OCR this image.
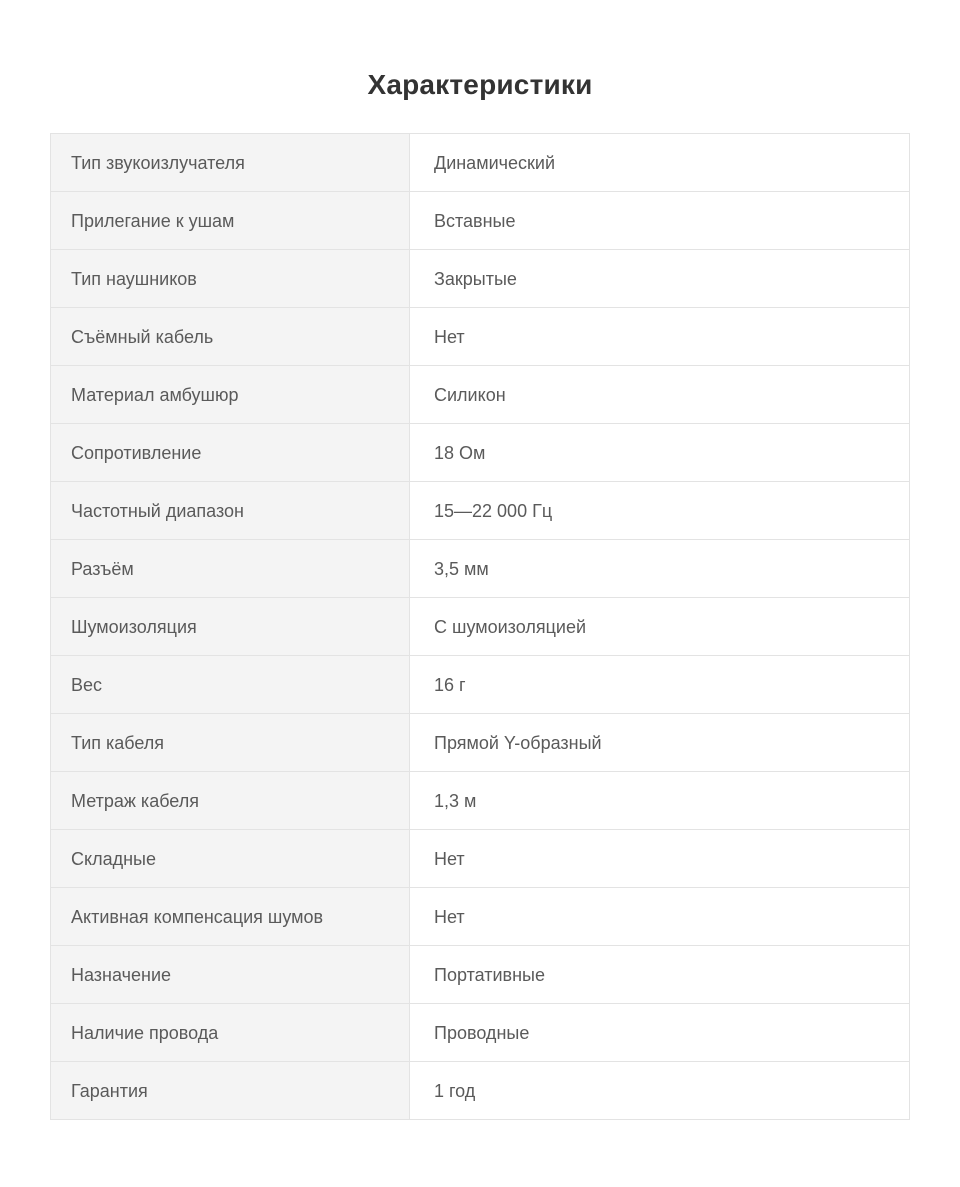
Характеристики
Тип звукоизлучателя	Динамический
Прилегание к ушам	Вставные
Тип наушников	Закрытые
Съёмный кабель	Нет
Материал амбушюр	Силикон
Сопротивление	18 Ом
Частотный диапазон	15—22 000 Гц
Разъём	3,5 мм
Шумоизоляция	С шумоизоляцией
Вес	16 г
Тип кабеля	Прямой Y-образный
Метраж кабеля	1,3 м
Складные	Нет
Активная компенсация шумов	Нет
Назначение	Портативные
Наличие провода	Проводные
Гарантия	1 год
